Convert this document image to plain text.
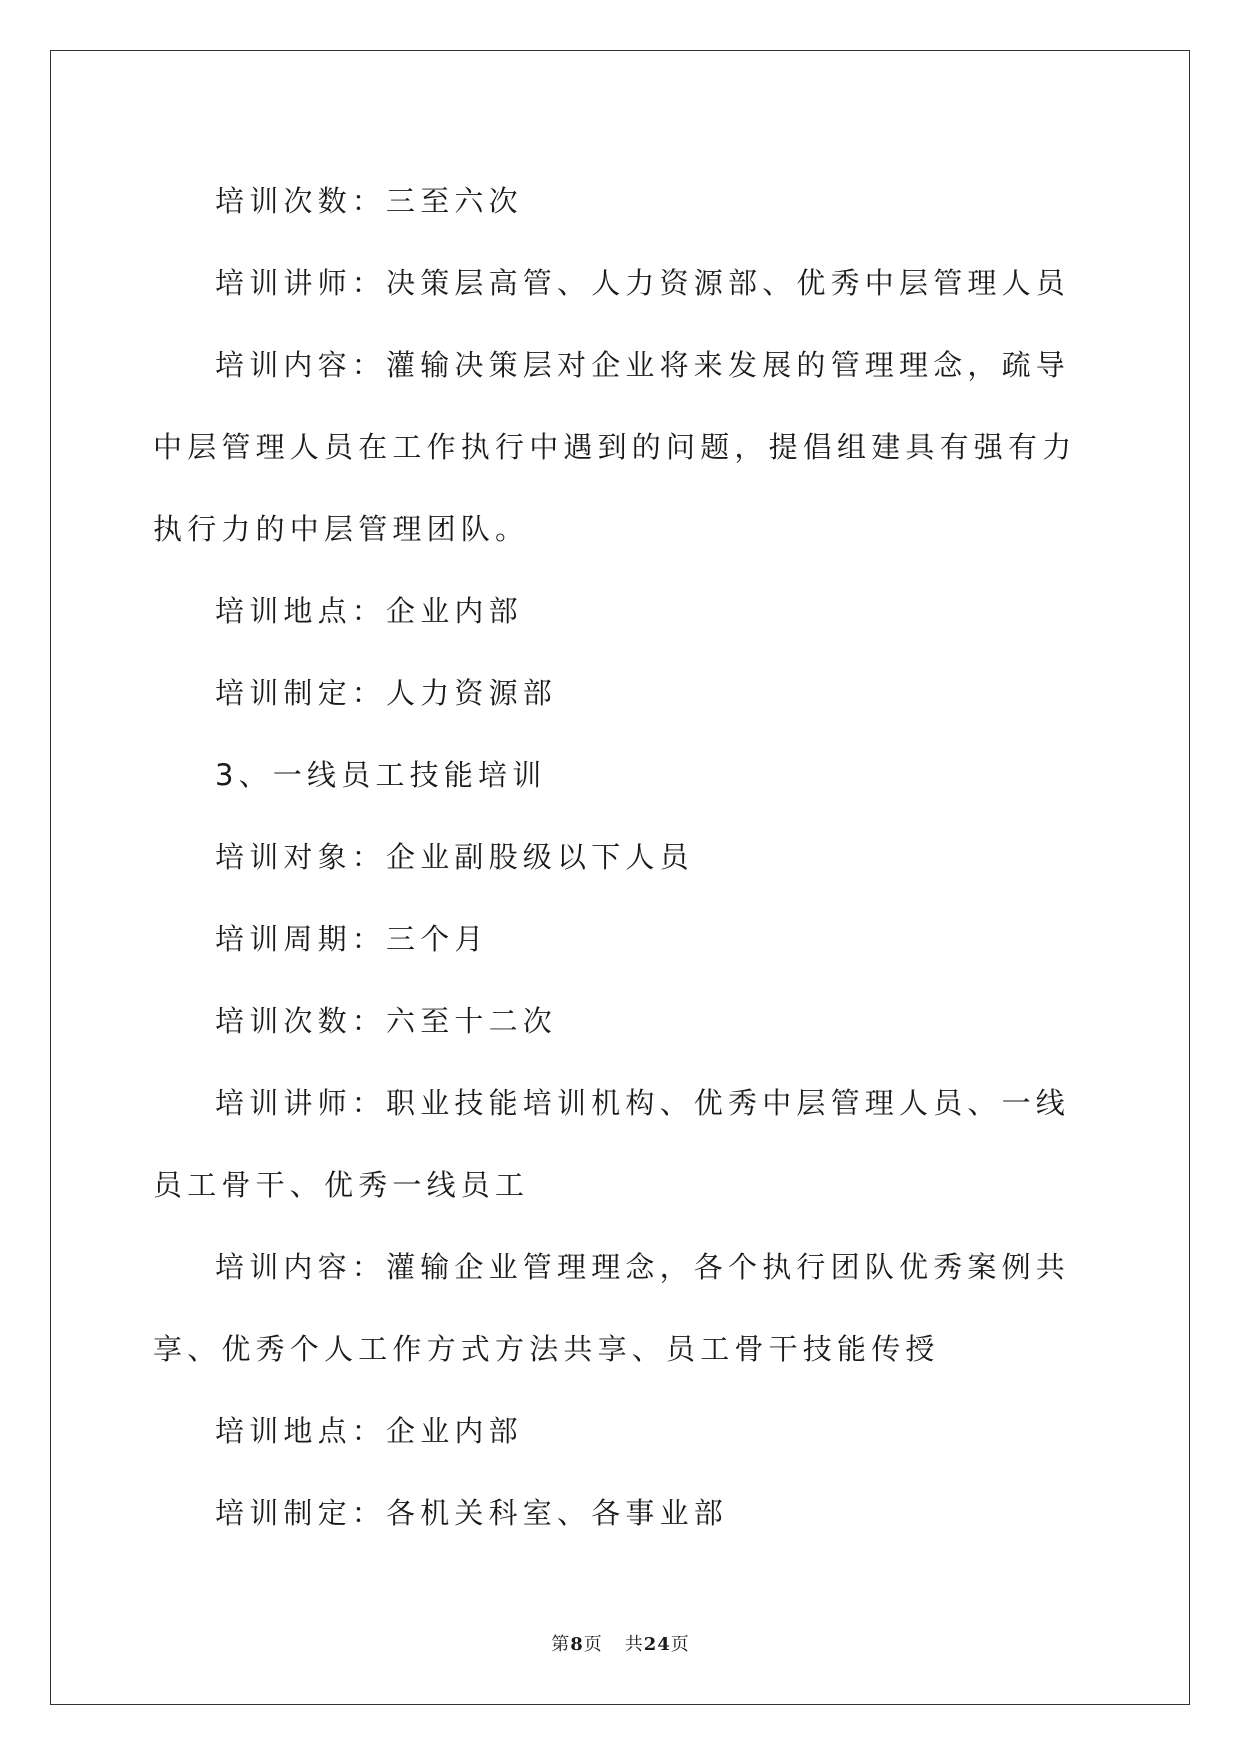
培训次数：三至六次

培训讲师：决策层高管、人力资源部、优秀中层管理人员

培训内容：灌输决策层对企业将来发展的管理理念，疏导中层管理人员在工作执行中遇到的问题，提倡组建具有强有力执行力的中层管理团队。

培训地点：企业内部

培训制定：人力资源部

3、一线员工技能培训

培训对象：企业副股级以下人员

培训周期：三个月

培训次数：六至十二次

培训讲师：职业技能培训机构、优秀中层管理人员、一线员工骨干、优秀一线员工

培训内容：灌输企业管理理念，各个执行团队优秀案例共享、优秀个人工作方式方法共享、员工骨干技能传授

培训地点：企业内部

培训制定：各机关科室、各事业部

第8页 共24页
